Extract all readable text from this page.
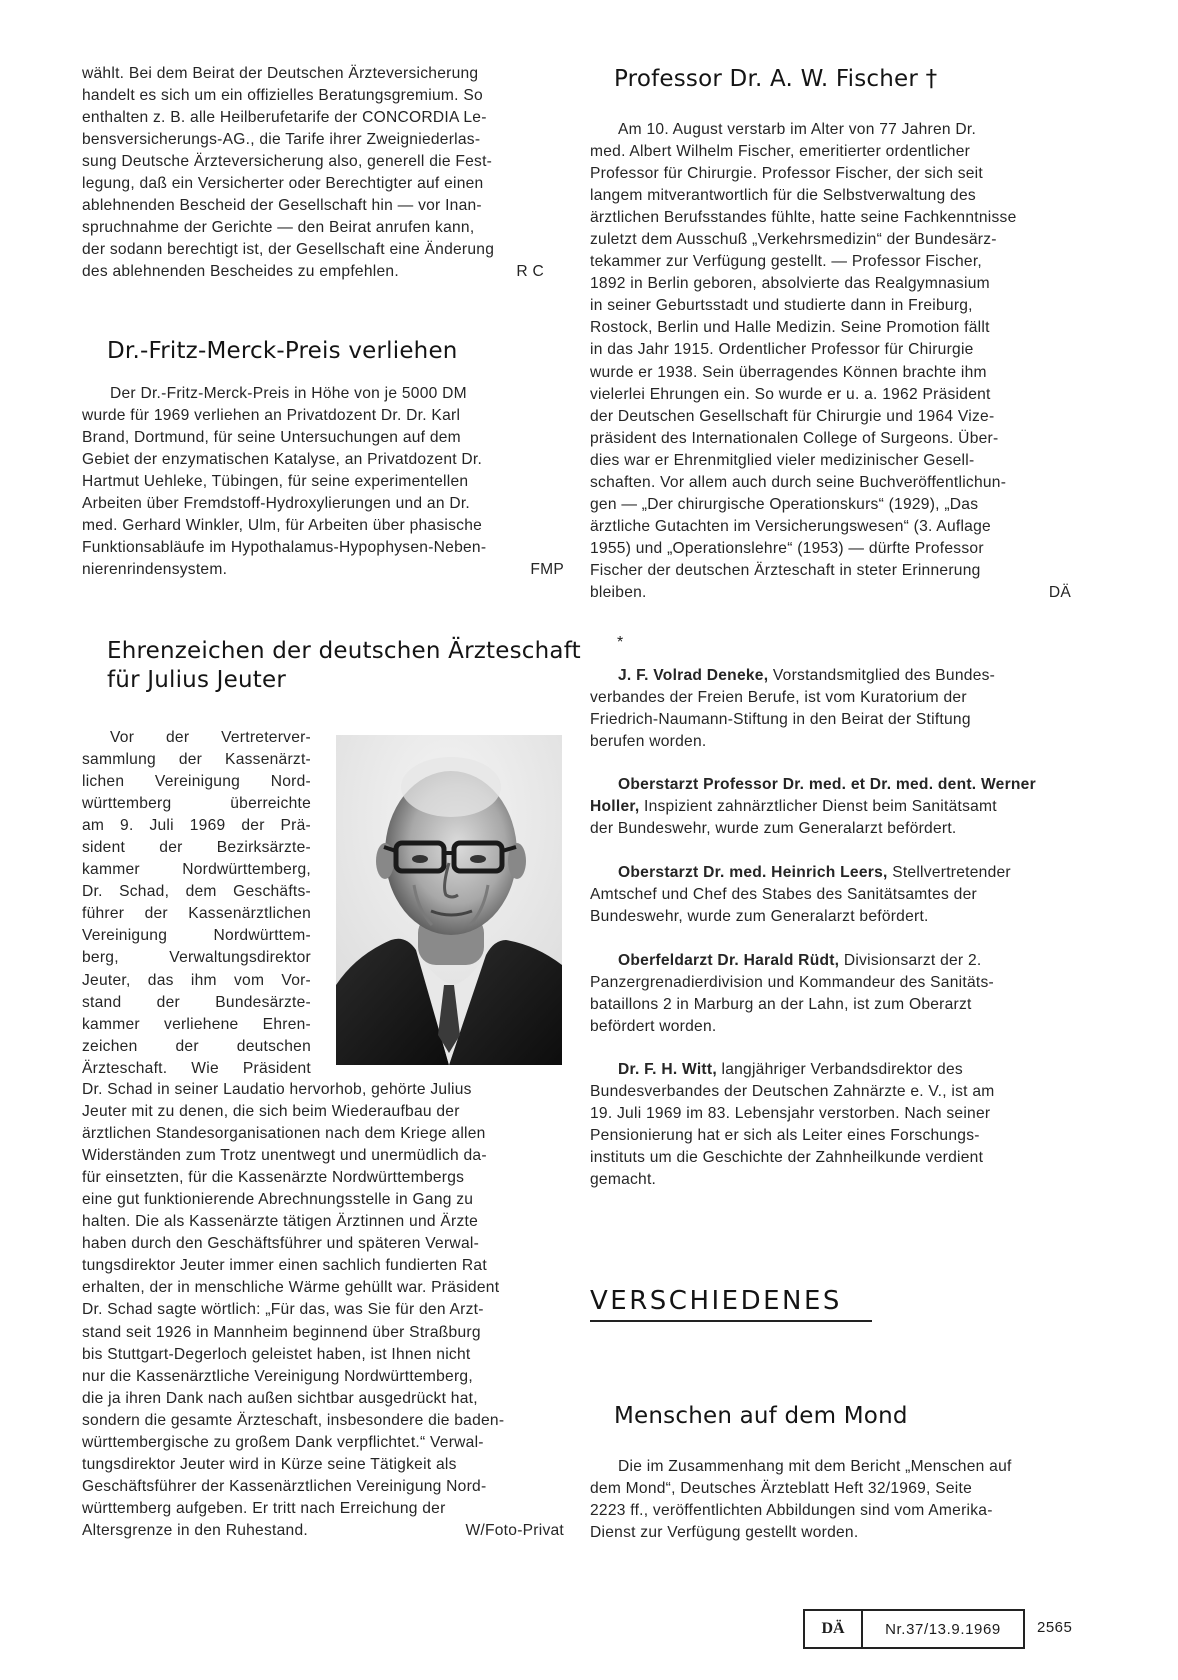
wählt. Bei dem Beirat der Deutschen Ärzteversicherung
handelt es sich um ein offizielles Beratungsgremium. So
enthalten z. B. alle Heilberufetarife der CONCORDIA Le-
bensversicherungs-AG., die Tarife ihrer Zweigniederlas-
sung Deutsche Ärzteversicherung also, generell die Fest-
legung, daß ein Versicherter oder Berechtigter auf einen
ablehnenden Bescheid der Gesellschaft hin — vor Inan-
spruchnahme der Gerichte — den Beirat anrufen kann,
der sodann berechtigt ist, der Gesellschaft eine Änderung
des ablehnenden Bescheides zu empfehlen.	R C
Dr.-Fritz-Merck-Preis verliehen
Der Dr.-Fritz-Merck-Preis in Höhe von je 5000 DM
wurde für 1969 verliehen an Privatdozent Dr. Dr. Karl
Brand, Dortmund, für seine Untersuchungen auf dem
Gebiet der enzymatischen Katalyse, an Privatdozent Dr.
Hartmut Uehleke, Tübingen, für seine experimentellen
Arbeiten über Fremdstoff-Hydroxylierungen und an Dr.
med. Gerhard Winkler, Ulm, für Arbeiten über phasische
Funktionsabläufe im Hypothalamus-Hypophysen-Neben-
nierenrindensystem.	FMP
Ehrenzeichen der deutschen Ärzteschaft
für Julius Jeuter
Vor der Vertreterver-
sammlung der Kassenärzt-
lichen Vereinigung Nord-
württemberg überreichte
am 9. Juli 1969 der Prä-
sident der Bezirksärzte-
kammer Nordwürttemberg,
Dr. Schad, dem Geschäfts-
führer der Kassenärztlichen
Vereinigung Nordwürttem-
berg, Verwaltungsdirektor
Jeuter, das ihm vom Vor-
stand der Bundesärzte-
kammer verliehene Ehren-
zeichen der deutschen
Ärzteschaft. Wie Präsident
Dr. Schad in seiner Laudatio hervorhob, gehörte Julius
Jeuter mit zu denen, die sich beim Wiederaufbau der
ärztlichen Standesorganisationen nach dem Kriege allen
Widerständen zum Trotz unentwegt und unermüdlich da-
für einsetzten, für die Kassenärzte Nordwürttembergs
eine gut funktionierende Abrechnungsstelle in Gang zu
halten. Die als Kassenärzte tätigen Ärztinnen und Ärzte
haben durch den Geschäftsführer und späteren Verwal-
tungsdirektor Jeuter immer einen sachlich fundierten Rat
erhalten, der in menschliche Wärme gehüllt war. Präsident
Dr. Schad sagte wörtlich: „Für das, was Sie für den Arzt-
stand seit 1926 in Mannheim beginnend über Straßburg
bis Stuttgart-Degerloch geleistet haben, ist Ihnen nicht
nur die Kassenärztliche Vereinigung Nordwürttemberg,
die ja ihren Dank nach außen sichtbar ausgedrückt hat,
sondern die gesamte Ärzteschaft, insbesondere die baden-
württembergische zu großem Dank verpflichtet.“ Verwal-
tungsdirektor Jeuter wird in Kürze seine Tätigkeit als
Geschäftsführer der Kassenärztlichen Vereinigung Nord-
württemberg aufgeben. Er tritt nach Erreichung der
Altersgrenze in den Ruhestand.	W/Foto-Privat
Professor Dr. A. W. Fischer †
Am 10. August verstarb im Alter von 77 Jahren Dr.
med. Albert Wilhelm Fischer, emeritierter ordentlicher
Professor für Chirurgie. Professor Fischer, der sich seit
langem mitverantwortlich für die Selbstverwaltung des
ärztlichen Berufsstandes fühlte, hatte seine Fachkenntnisse
zuletzt dem Ausschuß „Verkehrsmedizin“ der Bundesärz-
tekammer zur Verfügung gestellt. — Professor Fischer,
1892 in Berlin geboren, absolvierte das Realgymnasium
in seiner Geburtsstadt und studierte dann in Freiburg,
Rostock, Berlin und Halle Medizin. Seine Promotion fällt
in das Jahr 1915. Ordentlicher Professor für Chirurgie
wurde er 1938. Sein überragendes Können brachte ihm
vielerlei Ehrungen ein. So wurde er u. a. 1962 Präsident
der Deutschen Gesellschaft für Chirurgie und 1964 Vize-
präsident des Internationalen College of Surgeons. Über-
dies war er Ehrenmitglied vieler medizinischer Gesell-
schaften. Vor allem auch durch seine Buchveröffentlichun-
gen — „Der chirurgische Operationskurs“ (1929), „Das
ärztliche Gutachten im Versicherungswesen“ (3. Auflage
1955) und „Operationslehre“ (1953) — dürfte Professor
Fischer der deutschen Ärzteschaft in steter Erinnerung
bleiben.	DÄ
*
J. F. Volrad Deneke, Vorstandsmitglied des Bundes-
verbandes der Freien Berufe, ist vom Kuratorium der
Friedrich-Naumann-Stiftung in den Beirat der Stiftung
berufen worden.
Oberstarzt Professor Dr. med. et Dr. med. dent. Werner
Holler, Inspizient zahnärztlicher Dienst beim Sanitätsamt
der Bundeswehr, wurde zum Generalarzt befördert.
Oberstarzt Dr. med. Heinrich Leers, Stellvertretender
Amtschef und Chef des Stabes des Sanitätsamtes der
Bundeswehr, wurde zum Generalarzt befördert.
Oberfeldarzt Dr. Harald Rüdt, Divisionsarzt der 2.
Panzergrenadierdivision und Kommandeur des Sanitäts-
bataillons 2 in Marburg an der Lahn, ist zum Oberarzt
befördert worden.
Dr. F. H. Witt, langjähriger Verbandsdirektor des
Bundesverbandes der Deutschen Zahnärzte e. V., ist am
19. Juli 1969 im 83. Lebensjahr verstorben. Nach seiner
Pensionierung hat er sich als Leiter eines Forschungs-
instituts um die Geschichte der Zahnheilkunde verdient
gemacht.
VERSCHIEDENES
Menschen auf dem Mond
Die im Zusammenhang mit dem Bericht „Menschen auf
dem Mond“, Deutsches Ärzteblatt Heft 32/1969, Seite
2223 ff., veröffentlichten Abbildungen sind vom Amerika-
Dienst zur Verfügung gestellt worden.
DÄ	Nr.37/13.9.1969	2565
